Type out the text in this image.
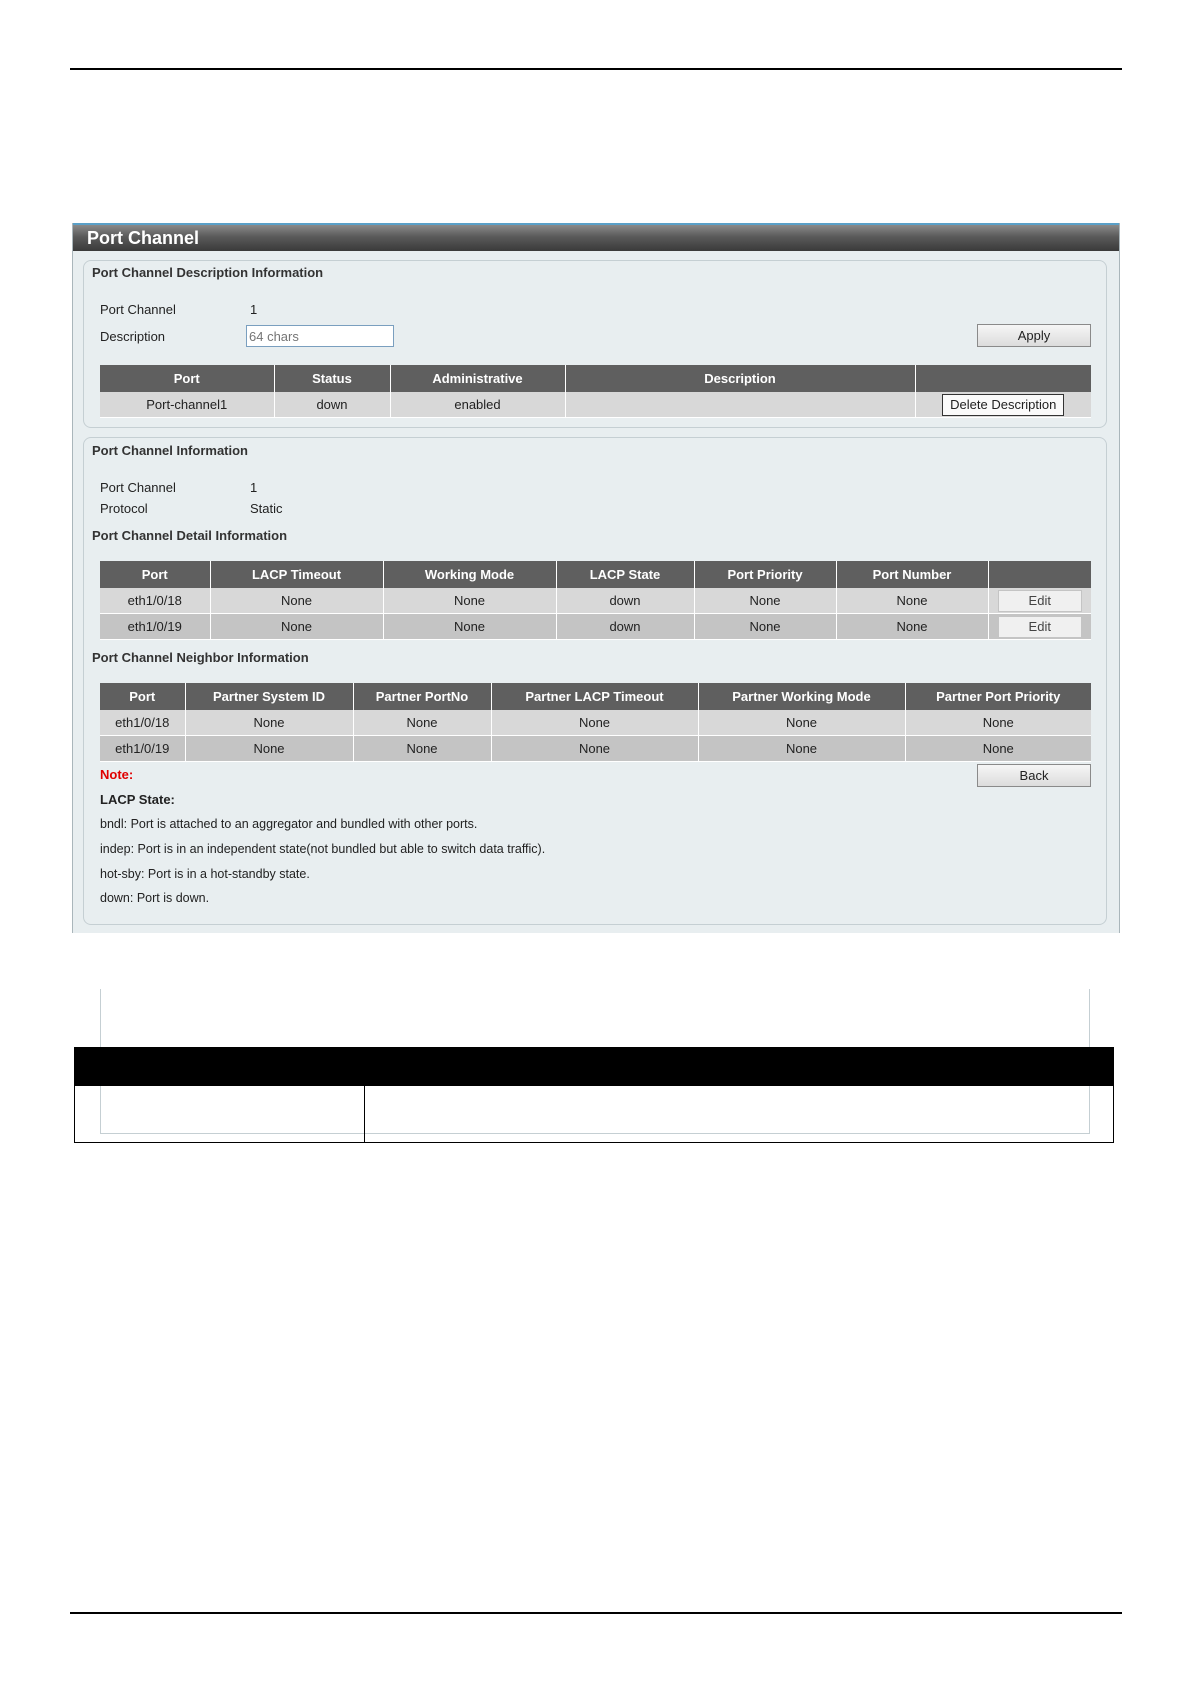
Port Channel
Port Channel Description Information
Port Channel	1
Description
64 chars	Apply
Port	Status	Administrative	Description	
Port-channel1	down	enabled		Delete Description
Port Channel Information
Port Channel	1
Protocol	Static
Port Channel Detail Information
Port	LACP Timeout	Working Mode	LACP State	Port Priority	Port Number	
eth1/0/18	None	None	down	None	None	Edit
eth1/0/19	None	None	down	None	None	Edit
Port Channel Neighbor Information
Port	Partner System ID	Partner PortNo	Partner LACP Timeout	Partner Working Mode	Partner Port Priority
eth1/0/18	None	None	None	None	None
eth1/0/19	None	None	None	None	None
Note:	Back
LACP State:
bndl: Port is attached to an aggregator and bundled with other ports.
indep: Port is in an independent state(not bundled but able to switch data traffic).
hot-sby: Port is in a hot-standby state.
down: Port is down.
